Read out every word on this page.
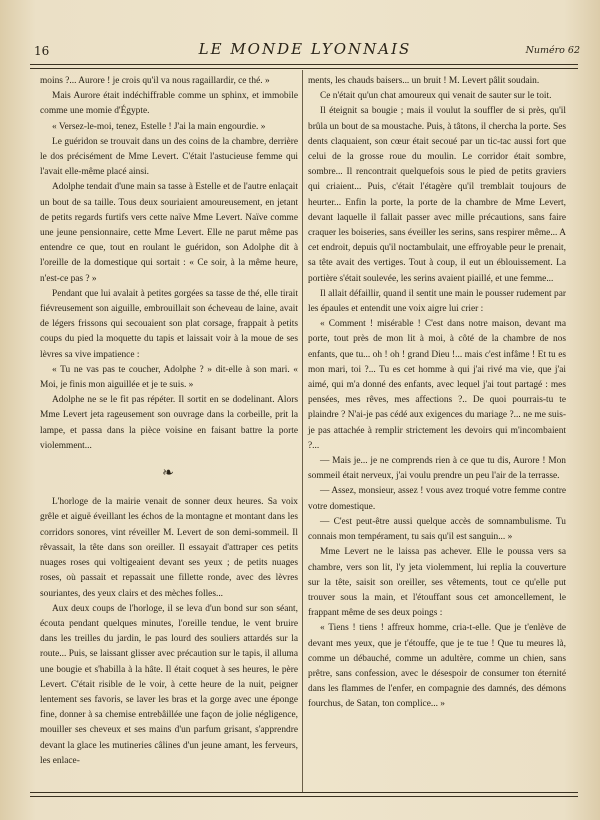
16	LE MONDE LYONNAIS	Numéro 62

moins ?... Aurore ! je crois qu'il va nous ragaillardir, ce thé. »

Mais Aurore était indéchiffrable comme un sphinx, et immobile comme une momie d'Égypte.

« Versez-le-moi, tenez, Estelle ! J'ai la main engourdie. »

Le guéridon se trouvait dans un des coins de la chambre, derrière le dos précisément de Mme Levert. C'était l'astucieuse femme qui l'avait elle-même placé ainsi.

Adolphe tendait d'une main sa tasse à Estelle et de l'autre enlaçait un bout de sa taille. Tous deux souriaient amoureusement, en jetant de petits regards furtifs vers cette naïve Mme Levert. Naïve comme une jeune pensionnaire, cette Mme Levert. Elle ne parut même pas entendre ce que, tout en roulant le guéridon, son Adolphe dit à l'oreille de la domestique qui sortait : « Ce soir, à la même heure, n'est-ce pas ? »

Pendant que lui avalait à petites gorgées sa tasse de thé, elle tirait fiévreusement son aiguille, embrouillait son écheveau de laine, avait de légers frissons qui secouaient son plat corsage, frappait à petits coups du pied la moquette du tapis et laissait voir à la moue de ses lèvres sa vive impatience :

« Tu ne vas pas te coucher, Adolphe ? » dit-elle à son mari. « Moi, je finis mon aiguillée et je te suis. »

Adolphe ne se le fit pas répéter. Il sortit en se dodelinant. Alors Mme Levert jeta rageusement son ouvrage dans la corbeille, prit la lampe, et passa dans la pièce voisine en faisant battre la porte violemment...

❧

L'horloge de la mairie venait de sonner deux heures. Sa voix grêle et aiguë éveillant les échos de la montagne et montant dans les corridors sonores, vint réveiller M. Levert de son demi-sommeil. Il rêvassait, la tête dans son oreiller. Il essayait d'attraper ces petits nuages roses qui voltigeaient devant ses yeux ; de petits nuages roses, où passait et repassait une fillette ronde, avec des lèvres souriantes, des yeux clairs et des mèches folles...

Aux deux coups de l'horloge, il se leva d'un bond sur son séant, écouta pendant quelques minutes, l'oreille tendue, le vent bruire dans les treilles du jardin, le pas lourd des souliers attardés sur la route... Puis, se laissant glisser avec précaution sur le tapis, il alluma une bougie et s'habilla à la hâte. Il était coquet à ses heures, le père Levert. C'était risible de le voir, à cette heure de la nuit, peigner lentement ses favoris, se laver les bras et la gorge avec une éponge fine, donner à sa chemise entrebâillée une façon de jolie négligence, mouiller ses cheveux et ses mains d'un parfum grisant, s'apprendre devant la glace les mutineries câlines d'un jeune amant, les ferveurs, les enlace-

ments, les chauds baisers... un bruit ! M. Levert pâlit soudain.

Ce n'était qu'un chat amoureux qui venait de sauter sur le toit.

Il éteignit sa bougie ; mais il voulut la souffler de si près, qu'il brûla un bout de sa moustache. Puis, à tâtons, il chercha la porte. Ses dents claquaient, son cœur était secoué par un tic-tac aussi fort que celui de la grosse roue du moulin. Le corridor était sombre, sombre... Il rencontrait quelquefois sous le pied de petits graviers qui criaient... Puis, c'était l'étagère qu'il tremblait toujours de heurter... Enfin la porte, la porte de la chambre de Mme Levert, devant laquelle il fallait passer avec mille précautions, sans faire craquer les boiseries, sans éveiller les serins, sans respirer même... A cet endroit, depuis qu'il noctambulait, une effroyable peur le prenait, sa tête avait des vertiges. Tout à coup, il eut un éblouissement. La portière s'était soulevée, les serins avaient piaillé, et une femme...

Il allait défaillir, quand il sentit une main le pousser rudement par les épaules et entendit une voix aigre lui crier :

« Comment ! misérable ! C'est dans notre maison, devant ma porte, tout près de mon lit à moi, à côté de la chambre de nos enfants, que tu... oh ! oh ! grand Dieu !... mais c'est infâme ! Et tu es mon mari, toi ?... Tu es cet homme à qui j'ai rivé ma vie, que j'ai aimé, qui m'a donné des enfants, avec lequel j'ai tout partagé : mes pensées, mes rêves, mes affections ?.. De quoi pourrais-tu te plaindre ? N'ai-je pas cédé aux exigences du mariage ?... ne me suis-je pas attachée à remplir strictement les devoirs qui m'incombaient ?...

— Mais je... je ne comprends rien à ce que tu dis, Aurore ! Mon sommeil était nerveux, j'ai voulu prendre un peu l'air de la terrasse.

— Assez, monsieur, assez ! vous avez troqué votre femme contre votre domestique.

— C'est peut-être aussi quelque accès de somnambulisme. Tu connais mon tempérament, tu sais qu'il est sanguin... »

Mme Levert ne le laissa pas achever. Elle le poussa vers sa chambre, vers son lit, l'y jeta violemment, lui replia la couverture sur la tête, saisit son oreiller, ses vêtements, tout ce qu'elle put trouver sous la main, et l'étouffant sous cet amoncellement, le frappant même de ses deux poings :

« Tiens ! tiens ! affreux homme, cria-t-elle. Que je t'enlève de devant mes yeux, que je t'étouffe, que je te tue ! Que tu meures là, comme un débauché, comme un adultère, comme un chien, sans prêtre, sans confession, avec le désespoir de consumer ton éternité dans les flammes de l'enfer, en compagnie des damnés, des démons fourchus, de Satan, ton complice... »
